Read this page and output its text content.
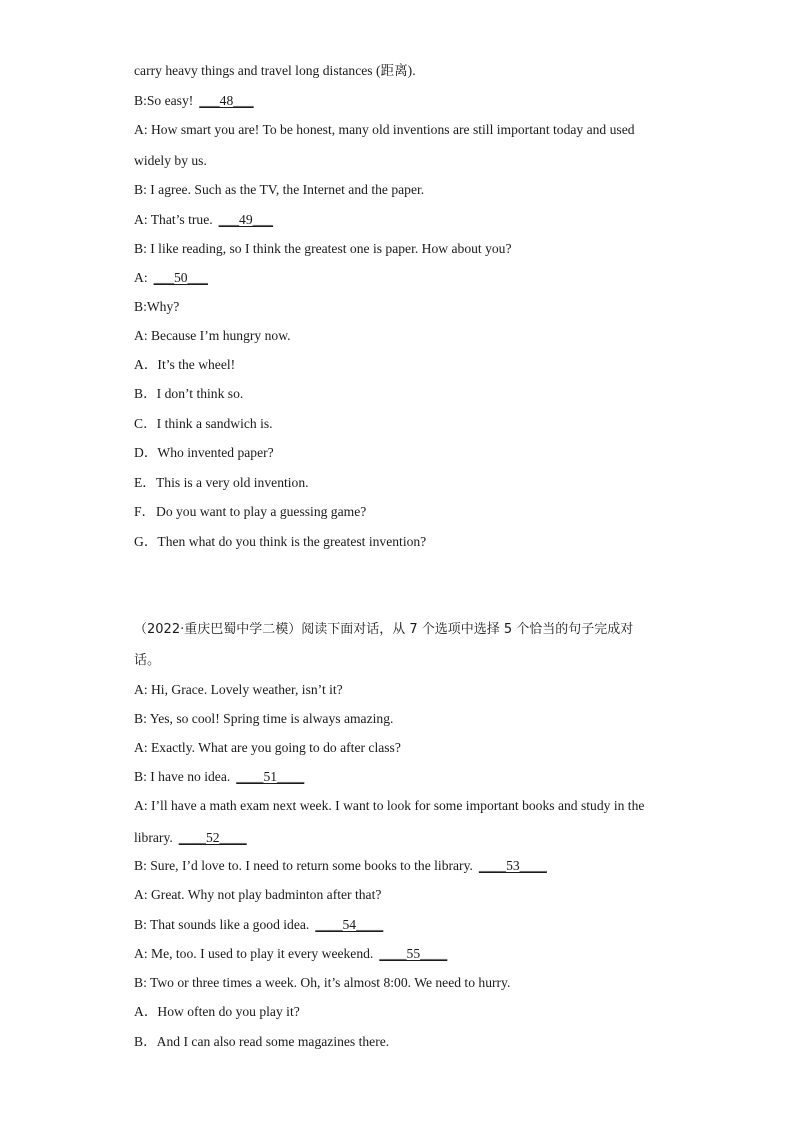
carry heavy things and travel long distances (距离).

B:So easy! ___48___

A: How smart you are! To be honest, many old inventions are still important today and used

widely by us.

B: I agree. Such as the TV, the Internet and the paper.

A: That’s true. ___49___

B: I like reading, so I think the greatest one is paper. How about you?

A: ___50___

B:Why?

A: Because I’m hungry now.

A．It’s the wheel!

B．I don’t think so.

C．I think a sandwich is.

D．Who invented paper?

E．This is a very old invention.

F．Do you want to play a guessing game?

G．Then what do you think is the greatest invention?

（2022·重庆巴蜀中学二模）阅读下面对话，从 7 个选项中选择 5 个恰当的句子完成对

话。

A: Hi, Grace. Lovely weather, isn’t it?

B: Yes, so cool! Spring time is always amazing.

A: Exactly. What are you going to do after class?

B: I have no idea. ____51____

A: I’ll have a math exam next week. I want to look for some important books and study in the

library. ____52____

B: Sure, I’d love to. I need to return some books to the library. ____53____

A: Great. Why not play badminton after that?

B: That sounds like a good idea. ____54____

A: Me, too. I used to play it every weekend. ____55____

B: Two or three times a week. Oh, it’s almost 8:00. We need to hurry.

A．How often do you play it?

B．And I can also read some magazines there.
